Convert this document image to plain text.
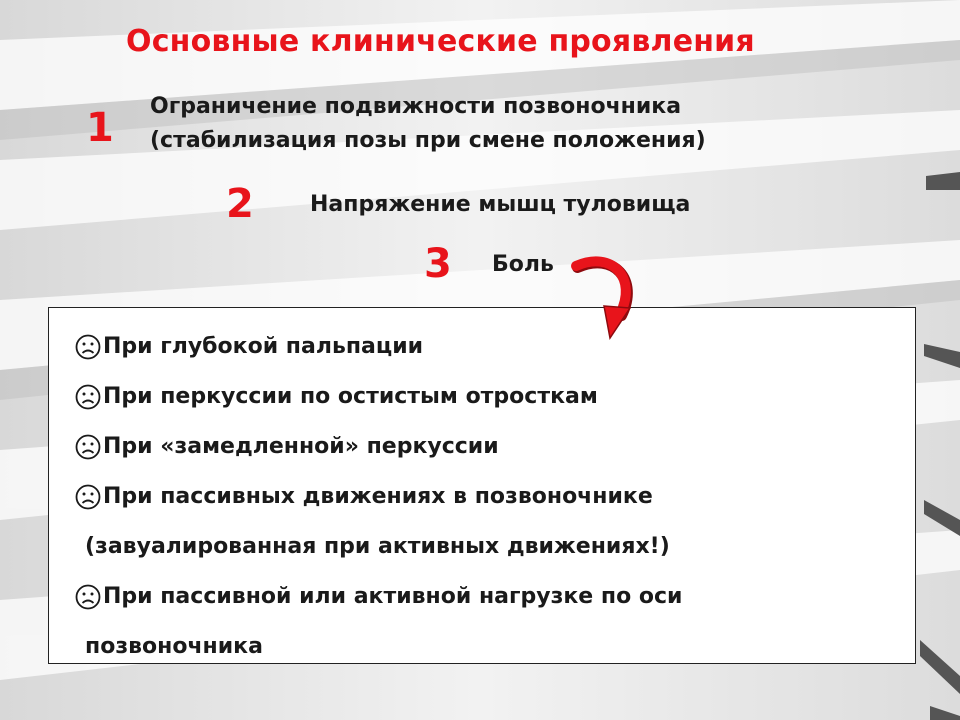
Основные клинические проявления
1 Ограничение подвижности позвоночника
(стабилизация позы при смене положения)
2	Напряжение мышц туловища
3 Боль
При глубокой пальпации
При перкуссии по остистым отросткам
При «замедленной» перкуссии
При пассивных движениях в позвоночнике
(завуалированная при активных движениях!)
При пассивной или активной нагрузке по оси
позвоночника
